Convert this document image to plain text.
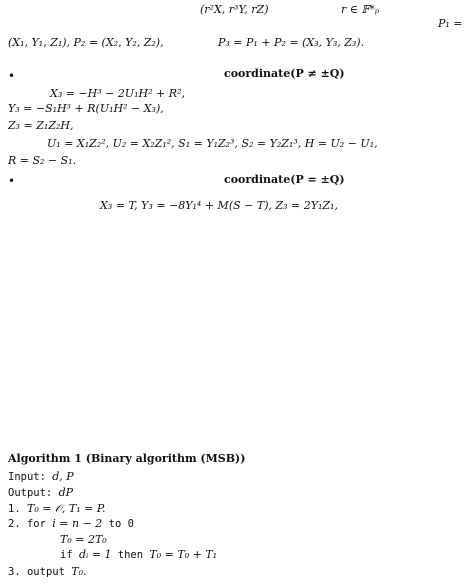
(r²X, r³Y, rZ)	r ∈ 𝔽*ₚ
P₁ =
(X₁, Y₁, Z₁), P₂ = (X₂, Y₂, Z₂),	P₃ = P₁ + P₂ = (X₃, Y₃, Z₃).
•	coordinate(P ≠ ±Q)
X₃ = −H³ − 2U₁H² + R²,
Y₃ = −S₁H³ + R(U₁H² − X₃),
Z₃ = Z₁Z₂H,
U₁ = X₁Z₂², U₂ = X₂Z₁², S₁ = Y₁Z₂³, S₂ = Y₂Z₁³, H = U₂ − U₁,
R = S₂ − S₁.
•	coordinate(P = ±Q)
X₃ = T, Y₃ = −8Y₁⁴ + M(S − T), Z₃ = 2Y₁Z₁,
Algorithm 1 (Binary algorithm (MSB))
Input: d, P
Output: dP
1. T₀ = 𝒪, T₁ = P.
2. for i = n − 2 to 0
T₀ = 2T₀
if dᵢ = 1 then T₀ = T₀ + T₁
3. output T₀.
